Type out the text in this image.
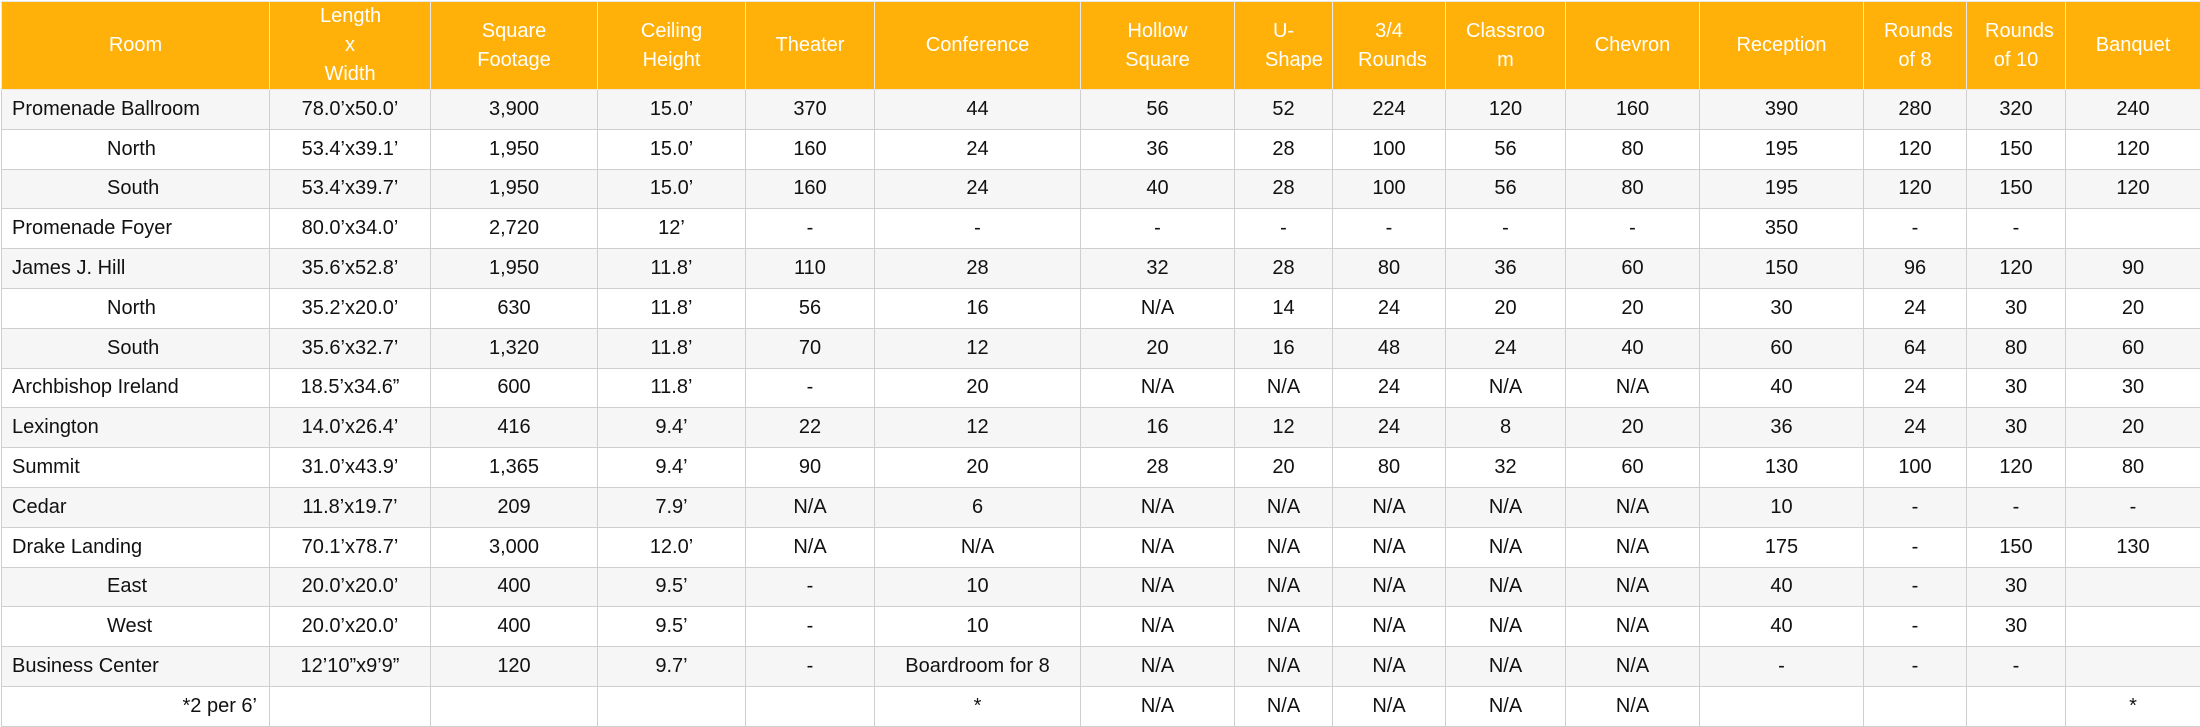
Room	Length x Width	Square Footage	Ceiling Height	Theater	Conference	Hollow Square	U-Shape	3/4 Rounds	Classroom	Chevron	Reception	Rounds of 8	Rounds of 10	Banquet
Promenade Ballroom	78.0’x50.0’	3,900	15.0’	370	44	56	52	224	120	160	390	280	320	240
North	53.4’x39.1’	1,950	15.0’	160	24	36	28	100	56	80	195	120	150	120
South	53.4’x39.7’	1,950	15.0’	160	24	40	28	100	56	80	195	120	150	120
Promenade Foyer	80.0’x34.0’	2,720	12’	-	-	-	-	-	-	-	350	-	-	
James J. Hill	35.6’x52.8’	1,950	11.8’	110	28	32	28	80	36	60	150	96	120	90
North	35.2’x20.0’	630	11.8’	56	16	N/A	14	24	20	20	30	24	30	20
South	35.6’x32.7’	1,320	11.8’	70	12	20	16	48	24	40	60	64	80	60
Archbishop Ireland	18.5’x34.6”	600	11.8’	-	20	N/A	N/A	24	N/A	N/A	40	24	30	30
Lexington	14.0’x26.4’	416	9.4’	22	12	16	12	24	8	20	36	24	30	20
Summit	31.0’x43.9’	1,365	9.4’	90	20	28	20	80	32	60	130	100	120	80
Cedar	11.8’x19.7’	209	7.9’	N/A	6	N/A	N/A	N/A	N/A	N/A	10	-	-	-
Drake Landing	70.1’x78.7’	3,000	12.0’	N/A	N/A	N/A	N/A	N/A	N/A	N/A	175	-	150	130
East	20.0’x20.0’	400	9.5’	-	10	N/A	N/A	N/A	N/A	N/A	40	-	30	
West	20.0’x20.0’	400	9.5’	-	10	N/A	N/A	N/A	N/A	N/A	40	-	30	
Business Center	12’10”x9’9”	120	9.7’	-	Boardroom for 8	N/A	N/A	N/A	N/A	N/A	-	-	-	
*2 per 6’					*	N/A	N/A	N/A	N/A	N/A				*
